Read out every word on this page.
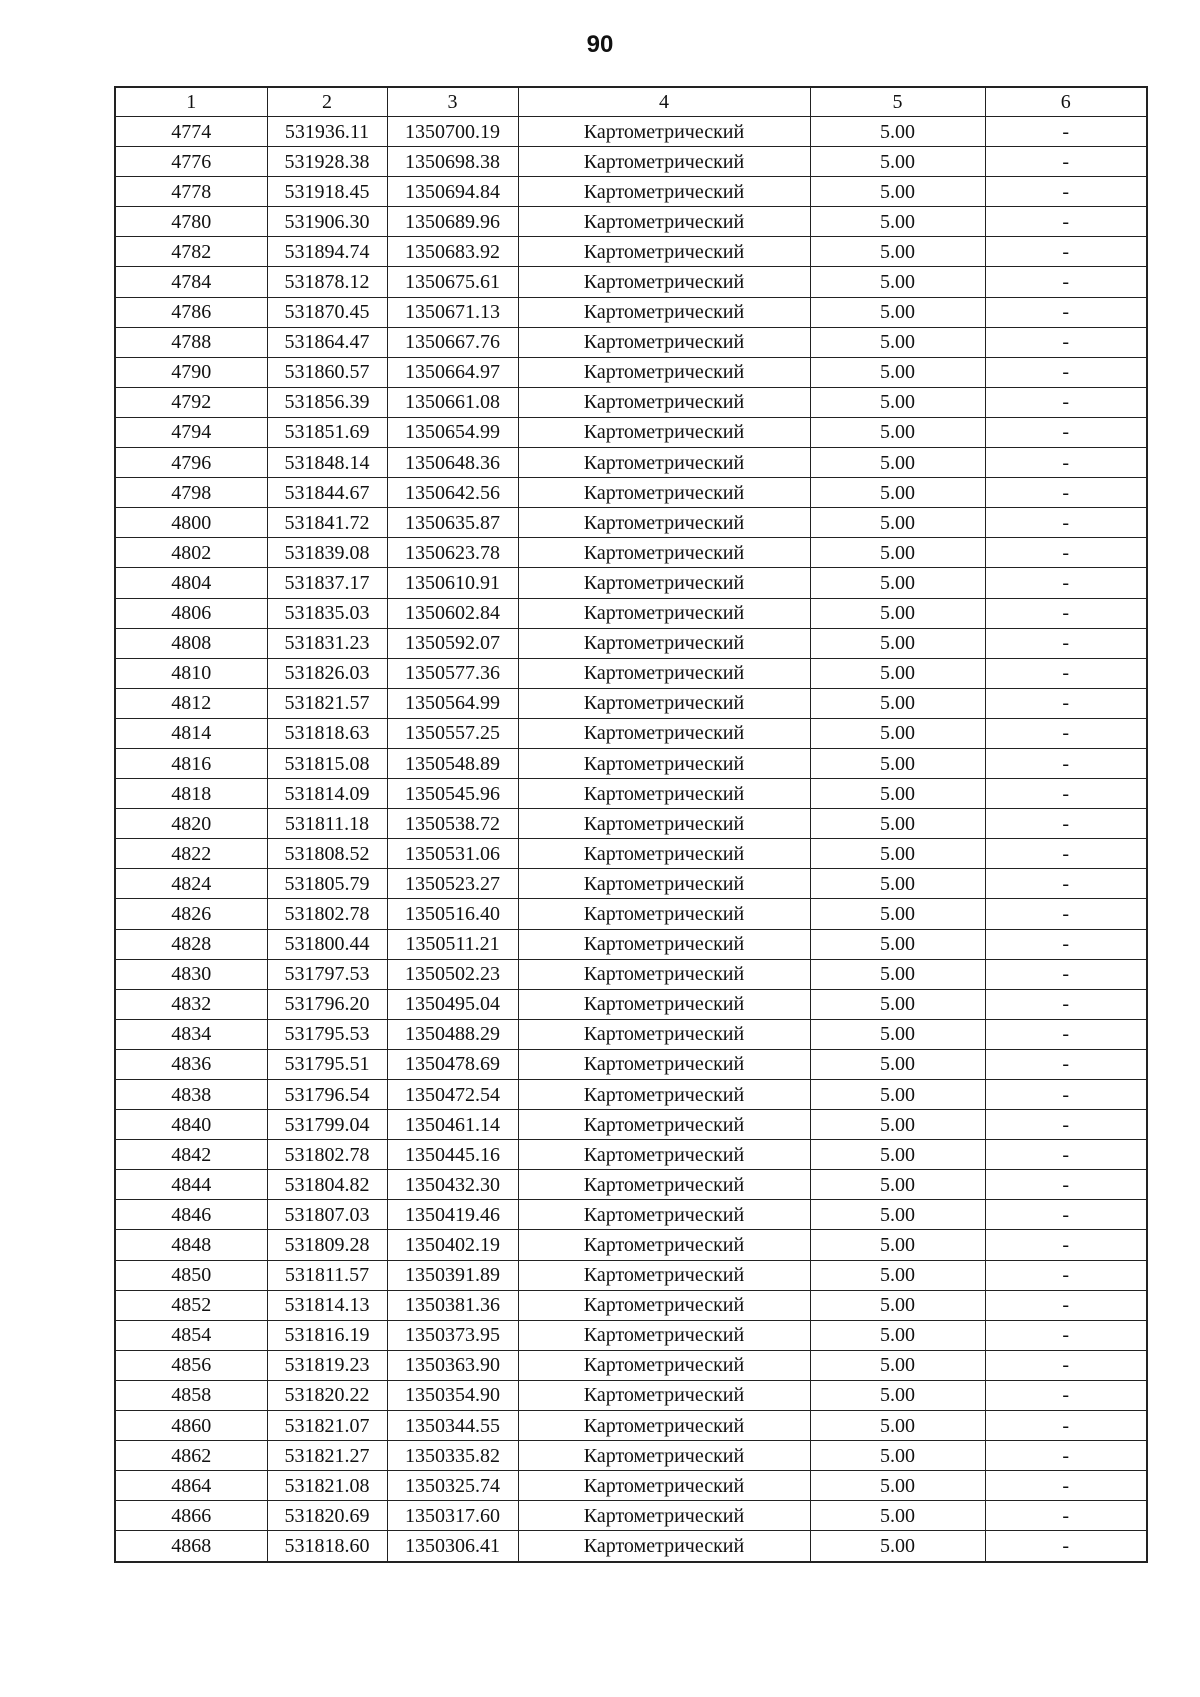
90
1	2	3	4	5	6
4774	531936.11	1350700.19	Картометрический	5.00	-
4776	531928.38	1350698.38	Картометрический	5.00	-
4778	531918.45	1350694.84	Картометрический	5.00	-
4780	531906.30	1350689.96	Картометрический	5.00	-
4782	531894.74	1350683.92	Картометрический	5.00	-
4784	531878.12	1350675.61	Картометрический	5.00	-
4786	531870.45	1350671.13	Картометрический	5.00	-
4788	531864.47	1350667.76	Картометрический	5.00	-
4790	531860.57	1350664.97	Картометрический	5.00	-
4792	531856.39	1350661.08	Картометрический	5.00	-
4794	531851.69	1350654.99	Картометрический	5.00	-
4796	531848.14	1350648.36	Картометрический	5.00	-
4798	531844.67	1350642.56	Картометрический	5.00	-
4800	531841.72	1350635.87	Картометрический	5.00	-
4802	531839.08	1350623.78	Картометрический	5.00	-
4804	531837.17	1350610.91	Картометрический	5.00	-
4806	531835.03	1350602.84	Картометрический	5.00	-
4808	531831.23	1350592.07	Картометрический	5.00	-
4810	531826.03	1350577.36	Картометрический	5.00	-
4812	531821.57	1350564.99	Картометрический	5.00	-
4814	531818.63	1350557.25	Картометрический	5.00	-
4816	531815.08	1350548.89	Картометрический	5.00	-
4818	531814.09	1350545.96	Картометрический	5.00	-
4820	531811.18	1350538.72	Картометрический	5.00	-
4822	531808.52	1350531.06	Картометрический	5.00	-
4824	531805.79	1350523.27	Картометрический	5.00	-
4826	531802.78	1350516.40	Картометрический	5.00	-
4828	531800.44	1350511.21	Картометрический	5.00	-
4830	531797.53	1350502.23	Картометрический	5.00	-
4832	531796.20	1350495.04	Картометрический	5.00	-
4834	531795.53	1350488.29	Картометрический	5.00	-
4836	531795.51	1350478.69	Картометрический	5.00	-
4838	531796.54	1350472.54	Картометрический	5.00	-
4840	531799.04	1350461.14	Картометрический	5.00	-
4842	531802.78	1350445.16	Картометрический	5.00	-
4844	531804.82	1350432.30	Картометрический	5.00	-
4846	531807.03	1350419.46	Картометрический	5.00	-
4848	531809.28	1350402.19	Картометрический	5.00	-
4850	531811.57	1350391.89	Картометрический	5.00	-
4852	531814.13	1350381.36	Картометрический	5.00	-
4854	531816.19	1350373.95	Картометрический	5.00	-
4856	531819.23	1350363.90	Картометрический	5.00	-
4858	531820.22	1350354.90	Картометрический	5.00	-
4860	531821.07	1350344.55	Картометрический	5.00	-
4862	531821.27	1350335.82	Картометрический	5.00	-
4864	531821.08	1350325.74	Картометрический	5.00	-
4866	531820.69	1350317.60	Картометрический	5.00	-
4868	531818.60	1350306.41	Картометрический	5.00	-
